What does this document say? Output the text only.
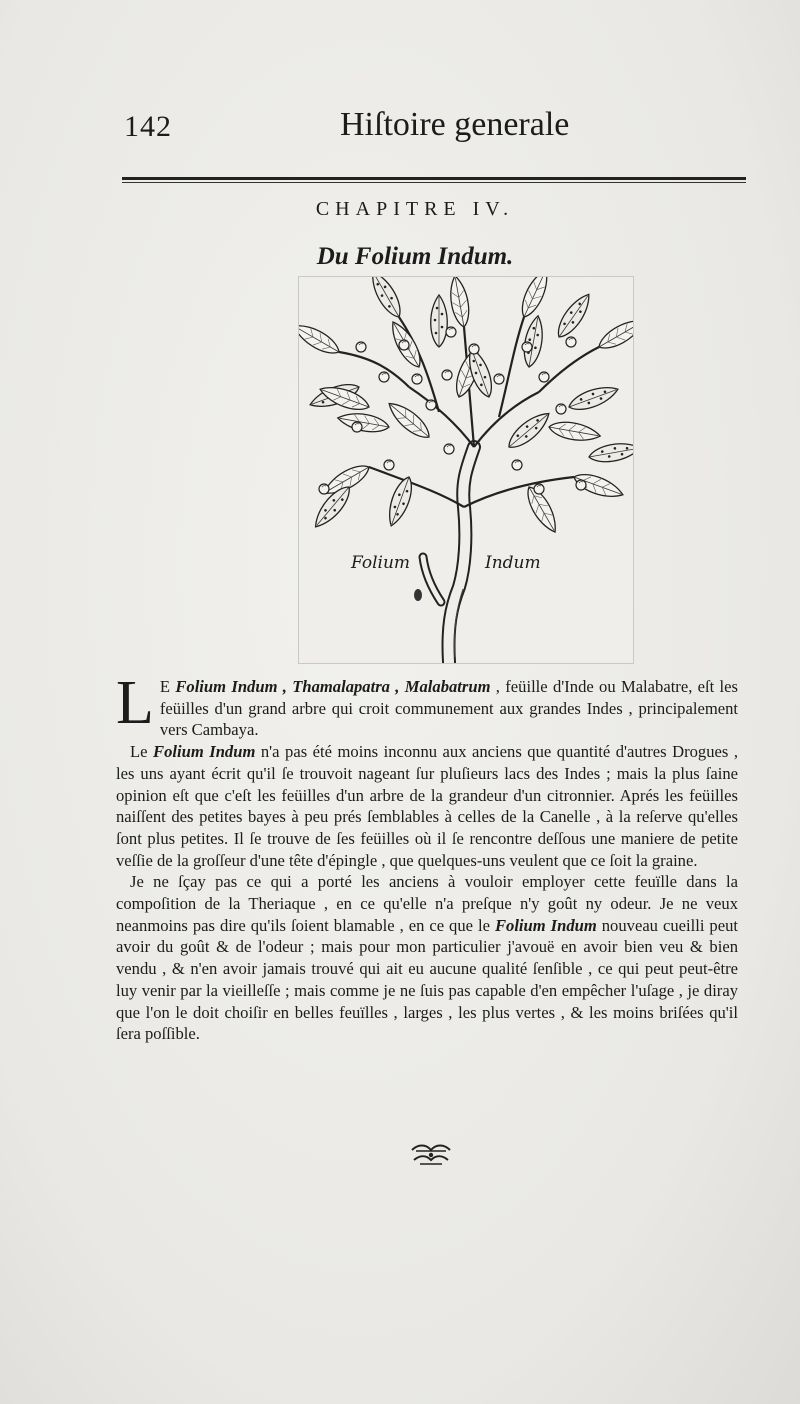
142	Hiſtoire generale
CHAPITRE IV.
Du Folium Indum.
Folium	Indum

L E Folium Indum , Thamalapatra , Malabatrum , feüille d'Inde ou Malabatre, eſt les feüilles d'un grand arbre qui croit communement aux grandes Indes , principalement vers Cambaya.

Le Folium Indum n'a pas été moins inconnu aux anciens que quantité d'autres Drogues , les uns ayant écrit qu'il ſe trouvoit nageant ſur pluſieurs lacs des Indes ; mais la plus ſaine opinion eſt que c'eſt les feüilles d'un arbre de la grandeur d'un citronnier. Aprés les feüilles naiſſent des petites bayes à peu prés ſemblables à celles de la Canelle , à la reſerve qu'elles ſont plus petites. Il ſe trouve de ſes feüilles où il ſe rencontre deſſous une maniere de petite veſſie de la groſſeur d'une tête d'épingle , que quelques-uns veulent que ce ſoit la graine.

Je ne ſçay pas ce qui a porté les anciens à vouloir employer cette feuïlle dans la compoſition de la Theriaque , en ce qu'elle n'a preſque n'y goût ny odeur. Je ne veux neanmoins pas dire qu'ils ſoient blamable , en ce que le Folium Indum nouveau cueilli peut avoir du goût & de l'odeur ; mais pour mon particulier j'avouë en avoir bien veu & bien vendu , & n'en avoir jamais trouvé qui ait eu aucune qualité ſenſible , ce qui peut peut-être luy venir par la vieilleſſe ; mais comme je ne ſuis pas capable d'en empêcher l'uſage , je diray que l'on le doit choiſir en belles feuïlles , larges , les plus vertes , & les moins briſées qu'il ſera poſſible.
